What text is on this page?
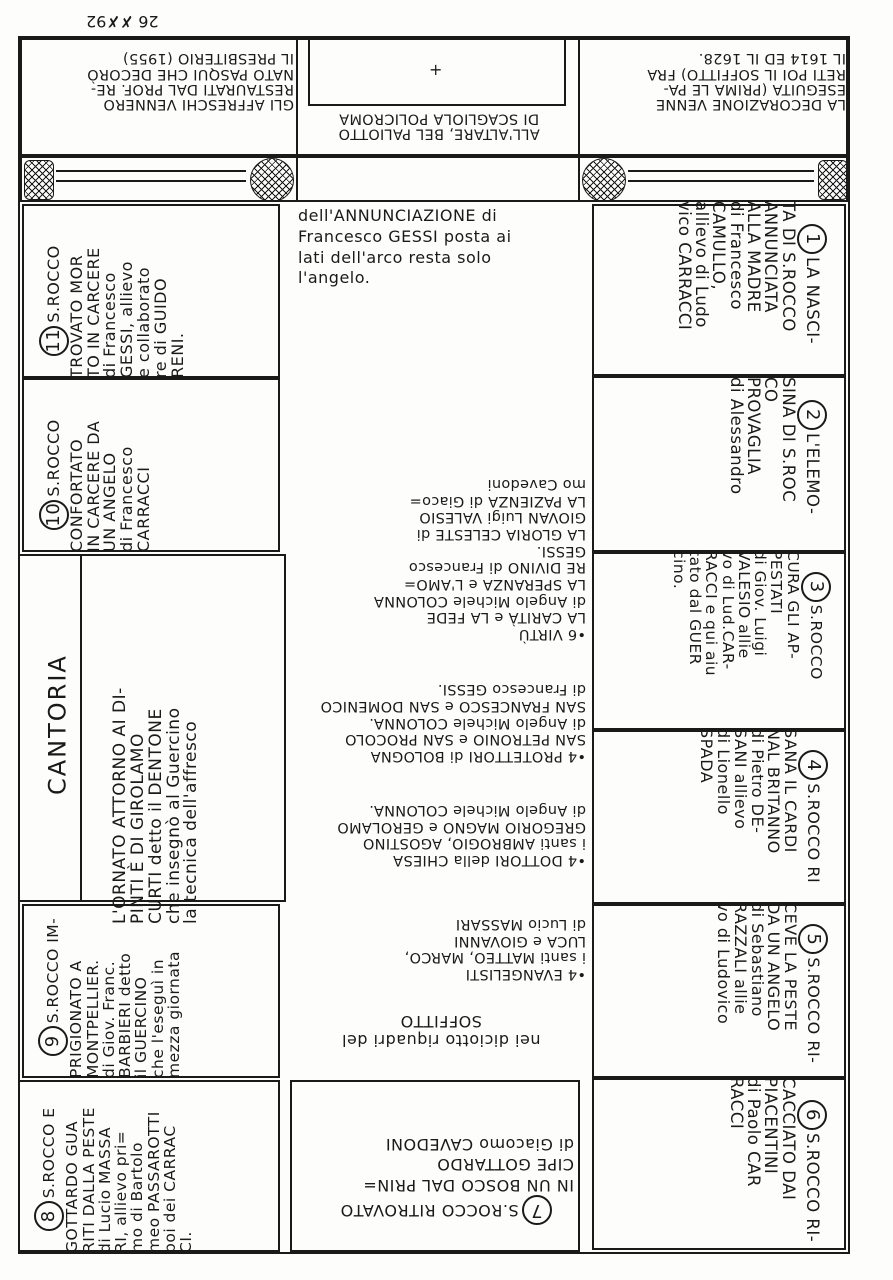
26 ✗✗92
LA DECORAZIONE VENNE
ESEGUITA (PRIMA LE PA-
RETI POI IL SOFFITTO) FRA
IL 1614 ED IL 1628.
+
ALL'ALTARE, BEL PALIOTTO
DI SCAGLIOLA POLICROMA
GLI AFFRESCHI VENNERO
RESTAURATI DAL PROF. RE-
NATO PASQUI CHE DECORÒ
IL PRESBITERIO (1955)

1LA NASCI-
TA DI S.ROCCO
ANNUNCIATA
ALLA MADRE
di Francesco
CAMULLO,
allievo di Ludo
vico CARRACCI

2L'ELEMO-
SINA DI S.ROC
CO
PROVAGLIA
di Alessandro

3S.ROCCO
CURA GLI AP-
PESTATI
di Giov. Luigi
VALESIO allie
vo di Lud.CAR-
RACCI e qui aiu
tato dal GUER
cino.

4S.ROCCO RI
SANA IL CARDI
NAL BRITANNO
di Pietro DE-
SANI allievo
di Lionello
SPADA

5S.ROCCO RI-
CEVE LA PESTE
DA UN ANGELO
di Sebastiano
RAZZALI allie
vo di Ludovico

6S.ROCCO RI-
CACCIATO DAI
PIACENTINI
di Paolo CAR
RACCI

11S.ROCCO
TROVATO MOR
TO IN CARCERE
di Francesco
GESSI, allievo
e collaborato
re di GUIDO
RENI.

10S.ROCCO
CONFORTATO
IN CARCERE DA
UN ANGELO
di Francesco
CARRACCI

9S.ROCCO IM-
PRIGIONATO A
MONTPELLIER.
di Giov. Franc.
BARBIERI detto
il GUERCINO
che l'eseguì in
mezza giornata

8S.ROCCO E
GOTTARDO GUA
RITI DALLA PESTE
di Lucio MASSA
RI, allievo pri=
mo di Bartolo
meo PASSAROTTI
poi dei CARRAC
CI.

CANTORIA
L'ORNATO ATTORNO AI DI-
PINTI È DI GIROLAMO
CURTI detto il DENTONE
che insegnò al Guercino
la tecnica dell'affresco
dell'ANNUNCIAZIONE di
Francesco GESSI posta ai
lati dell'arco resta solo
l'angelo.
•6 VIRTÙ
LA CARITÀ e LA FEDE
di Angelo Michele COLONNA
LA SPERANZA e L'AMO=
RE DIVINO di Francesco
GESSI.
LA GLORIA CELESTE di
GIOVAN Luigi VALESIO
LA PAZIENZA di Giaco=
mo Cavedoni
•4 PROTETTORI di BOLOGNA
SAN PETRONIO e SAN PROCOLO
di Angelo Michele COLONNA.
SAN FRANCESCO e SAN DOMENICO
di Francesco GESSI.
•4 DOTTORI della CHIESA
i santi AMBROGIO, AGOSTINO
GREGORIO MAGNO e GEROLAMO
di Angelo Michele COLONNA.
•4 EVANGELISTI
i santi MATTEO, MARCO,
LUCA e GIOVANNI
di Lucio MASSARI
nei diciotto riquadri del
SOFFITTO

7S.ROCCO RITROVATO
IN UN BOSCO DAL PRIN=
CIPE GOTTARDO
di Giacomo CAVEDONI
